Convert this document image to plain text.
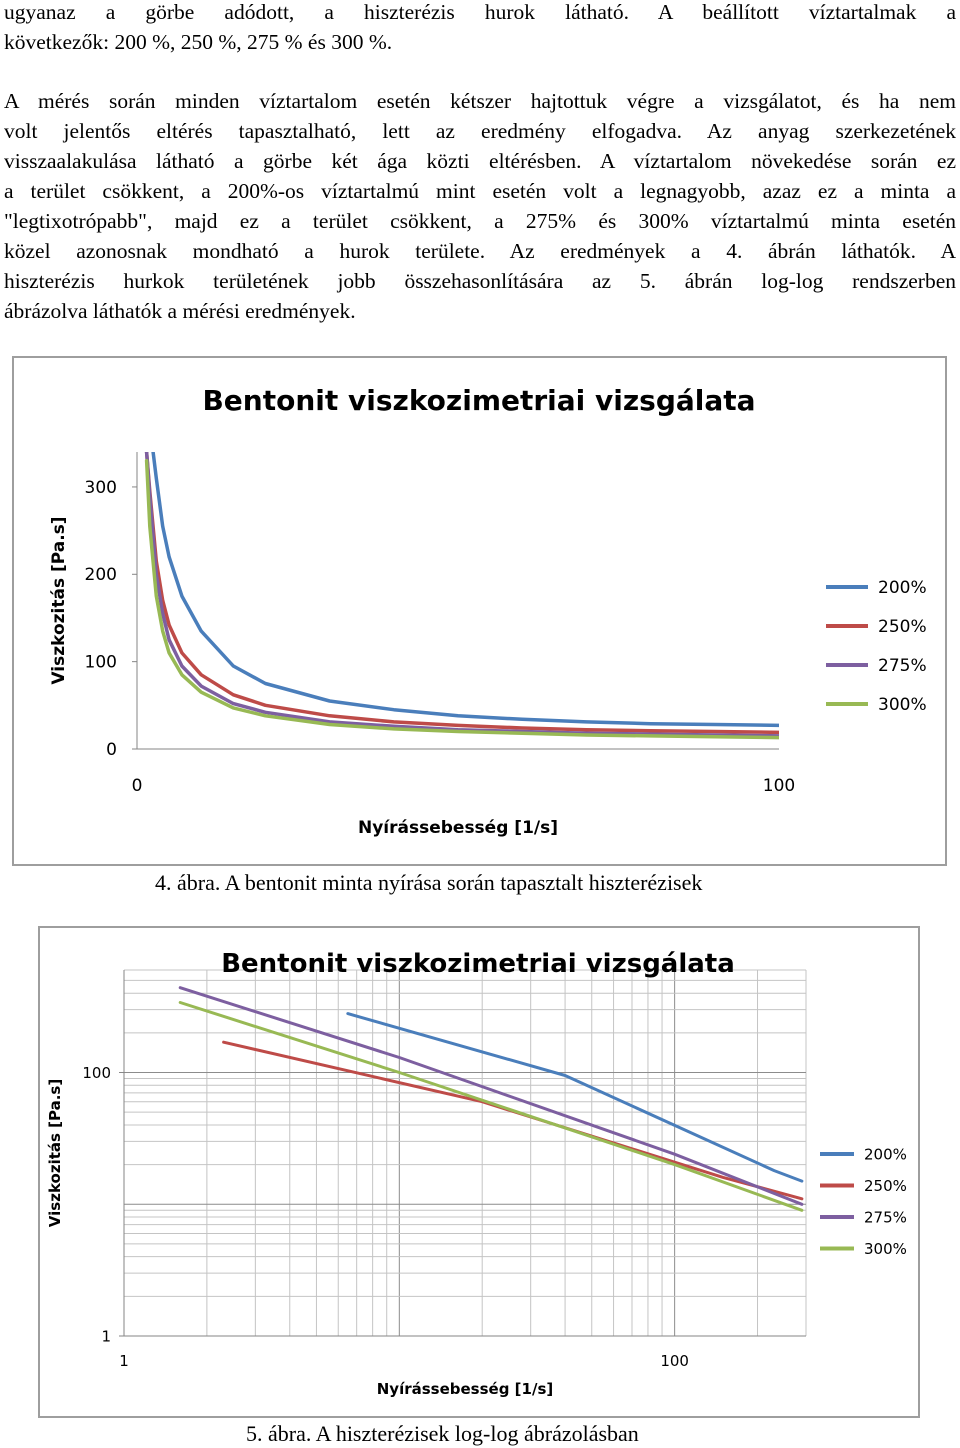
ugyanaz a görbe adódott, a hiszterézis hurok látható. A beállított víztartalmak a
következők: 200 %, 250 %, 275 % és 300 %.
A mérés során minden víztartalom esetén kétszer hajtottuk végre a vizsgálatot, és ha nem
volt jelentős eltérés tapasztalható, lett az eredmény elfogadva. Az anyag szerkezetének
visszaalakulása látható a görbe két ága közti eltérésben. A víztartalom növekedése során ez
a terület csökkent, a 200%-os víztartalmú mint esetén volt a legnagyobb, azaz ez a minta a
"legtixotrópabb", majd ez a terület csökkent, a 275% és 300% víztartalmú minta esetén
közel azonosnak mondható a hurok területe. Az eredmények a 4. ábrán láthatók. A
hiszterézis hurkok területének jobb összehasonlítására az 5. ábrán log-log rendszerben
ábrázolva láthatók a mérési eredmények.
Bentonit viszkozimetriai vizsgálata
Nyírássebesség [1/s]
Viszkozitás [Pa.s]
0	100
0
100
200
300
200%
250%
275%
300%
4. ábra. A bentonit minta nyírása során tapasztalt hiszterézisek
Bentonit viszkozimetriai vizsgálata
Nyírássebesség [1/s]
Viszkozitás [Pa.s]
1	100
1
100
200%
250%
275%
300%
5. ábra. A hiszterézisek log-log ábrázolásban
